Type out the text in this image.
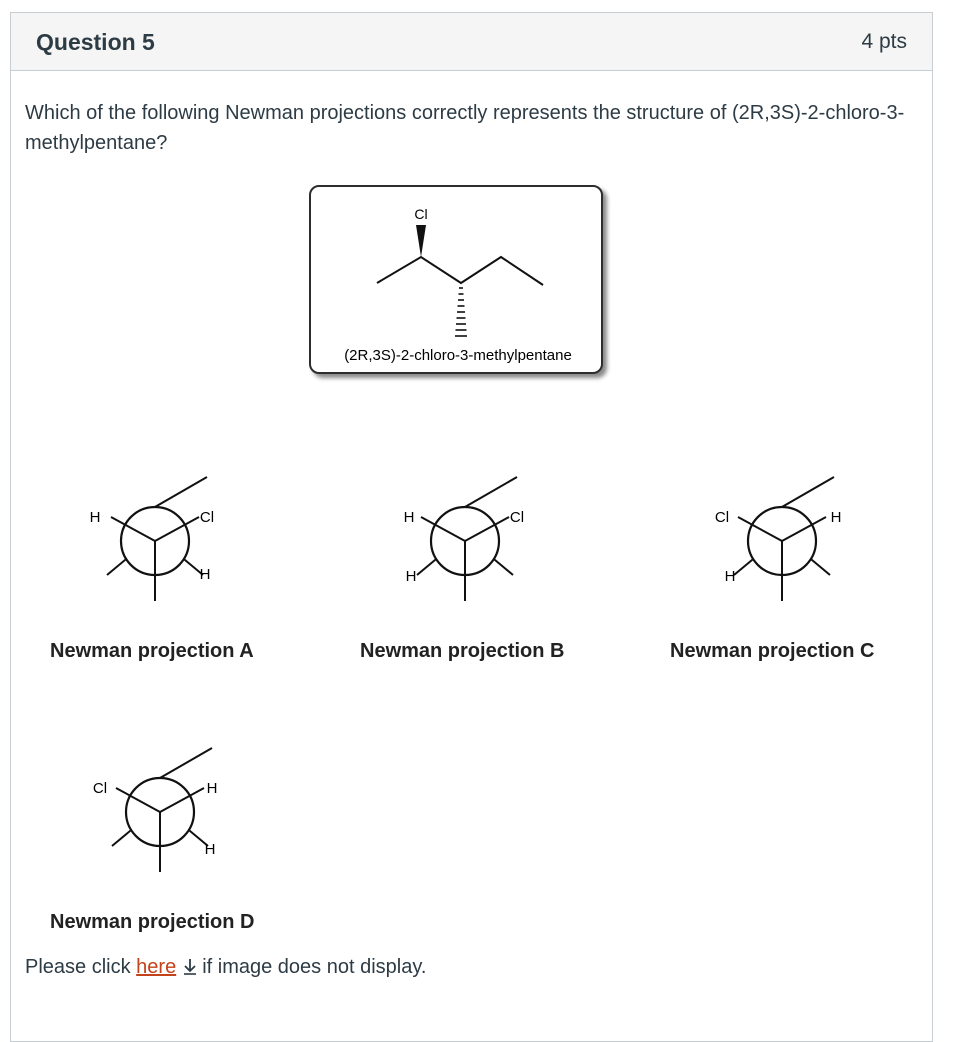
Question 5	4 pts
Which of the following Newman projections correctly represents the structure of (2R,3S)-2-chloro-3-methylpentane?
Cl
(2R,3S)-2-chloro-3-methylpentane
H	Cl
H
H	Cl
H
Cl	H
H
Cl	H
H
Newman projection A	Newman projection B	Newman projection C
Newman projection D
Please click here if image does not display.
